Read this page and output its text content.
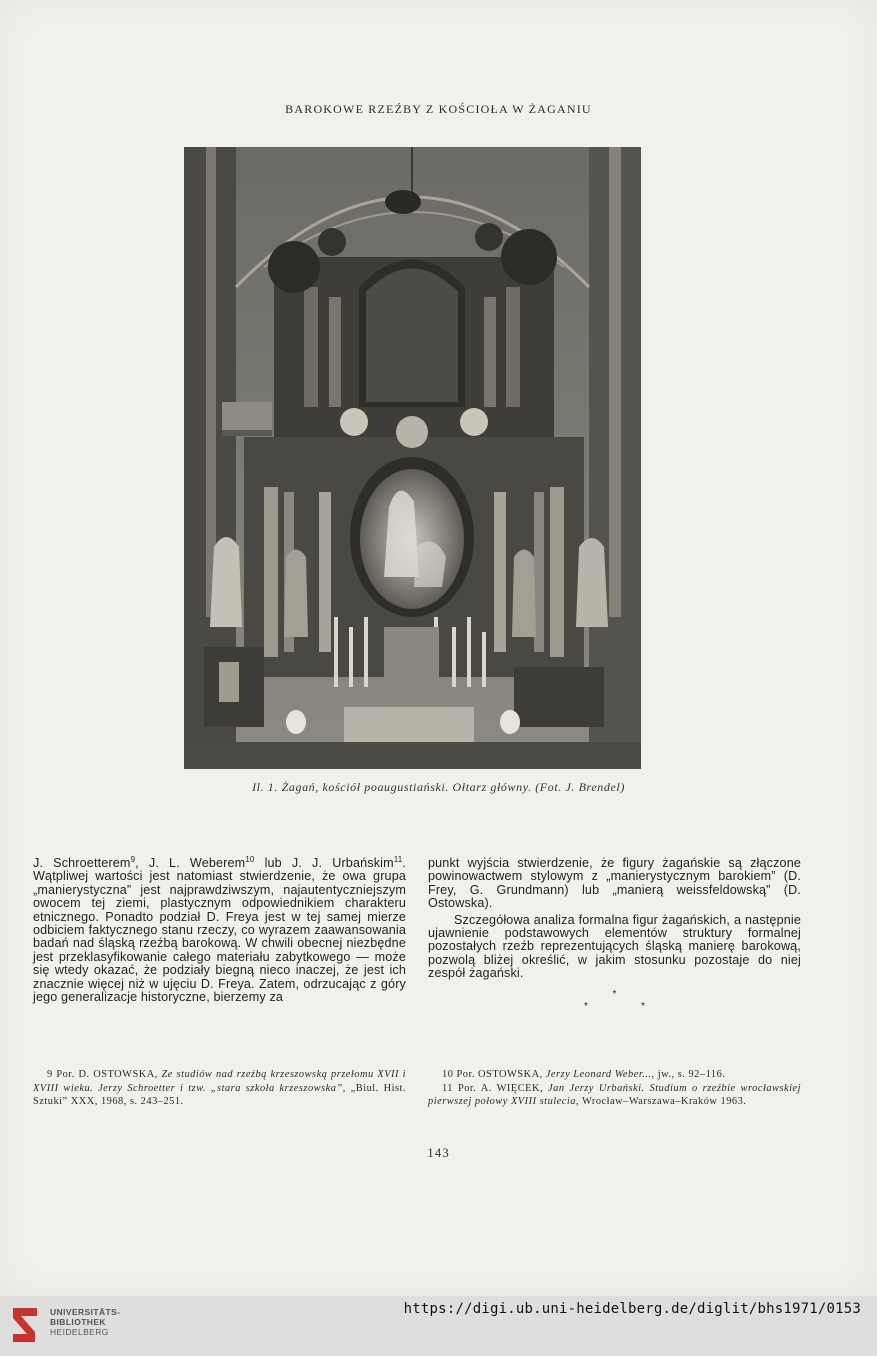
BAROKOWE RZEŹBY Z KOŚCIOŁA W ŻAGANIU
Il. 1. Żagań, kościół poaugustiański. Ołtarz główny. (Fot. J. Brendel)

J. Schroetterem$^9$, J. L. Weberem$^{10}$ lub J. J. Urbańskim$^{11}$. Wątpliwej wartości jest natomiast stwierdzenie, że owa grupa „manierystyczna” jest najprawdziwszym, najautentyczniejszym owocem tej ziemi, plastycznym odpowiednikiem charakteru etnicznego. Ponadto podział D. Freya jest w tej samej mierze odbiciem faktycznego stanu rzeczy, co wyrazem zaawansowania badań nad śląską rzeźbą barokową. W chwili obecnej niezbędne jest przeklasyfikowanie całego materiału zabytkowego — może się wtedy okazać, że podziały biegną nieco inaczej, że jest ich znacznie więcej niż w ujęciu D. Freya. Zatem, odrzucając z góry jego generalizacje historyczne, bierzemy za

punkt wyjścia stwierdzenie, że figury żagańskie są złączone powinowactwem stylowym z „manierystycznym barokiem” (D. Frey, G. Grundmann) lub „manierą weissfeldowską” (D. Ostowska).

Szczegółowa analiza formalna figur żagańskich, a następnie ujawnienie podstawowych elementów struktury formalnej pozostałych rzeźb reprezentujących śląską manierę barokową, pozwolą bliżej określić, w jakim stosunku pozostaje do niej zespół żagański.

*
* *

9 Por. D. OSTOWSKA, Ze studiów nad rzeźbą krzeszowską przełomu XVII i XVIII wieku. Jerzy Schroetter i tzw. „stara szkoła krzeszowska”, „Biul. Hist. Sztuki” XXX, 1968, s. 243–251.

10 Por. OSTOWSKA, Jerzy Leonard Weber..., jw., s. 92–116.

11 Por. A. WIĘCEK, Jan Jerzy Urbański. Studium o rzeźbie wrocławskiej pierwszej połowy XVIII stulecia, Wrocław–Warszawa–Kraków 1963.

143
UNIVERSITÄTS-
BIBLIOTHEK
HEIDELBERG
https://digi.ub.uni-heidelberg.de/diglit/bhs1971/0153
